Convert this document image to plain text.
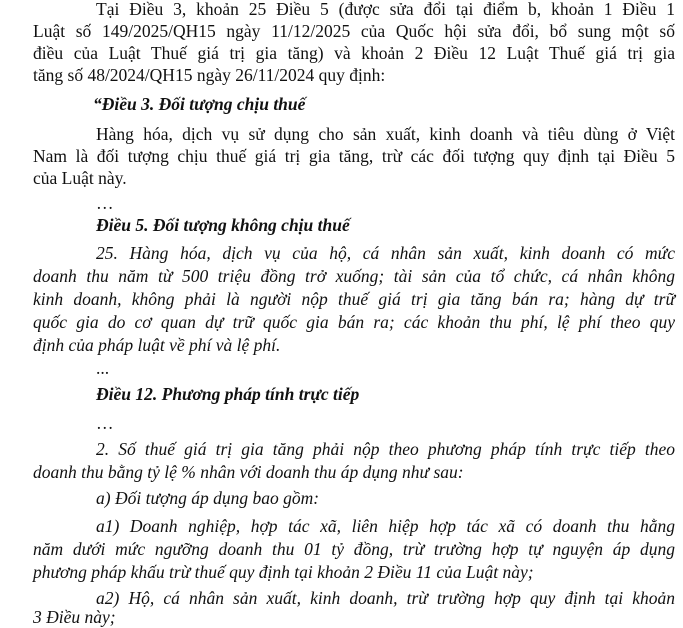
Tại Điều 3, khoản 25 Điều 5 (được sửa đổi tại điểm b, khoản 1 Điều 1
Luật số 149/2025/QH15 ngày 11/12/2025 của Quốc hội sửa đổi, bổ sung một số
điều của Luật Thuế giá trị gia tăng) và khoản 2 Điều 12 Luật Thuế giá trị gia
tăng số 48/2024/QH15 ngày 26/11/2024 quy định:
“Điều 3. Đối tượng chịu thuế
Hàng hóa, dịch vụ sử dụng cho sản xuất, kinh doanh và tiêu dùng ở Việt
Nam là đối tượng chịu thuế giá trị gia tăng, trừ các đối tượng quy định tại Điều 5
của Luật này.
…
Điều 5. Đối tượng không chịu thuế
25. Hàng hóa, dịch vụ của hộ, cá nhân sản xuất, kinh doanh có mức
doanh thu năm từ 500 triệu đồng trở xuống; tài sản của tổ chức, cá nhân không
kinh doanh, không phải là người nộp thuế giá trị gia tăng bán ra; hàng dự trữ
quốc gia do cơ quan dự trữ quốc gia bán ra; các khoản thu phí, lệ phí theo quy
định của pháp luật về phí và lệ phí.
...
Điều 12. Phương pháp tính trực tiếp
…
2. Số thuế giá trị gia tăng phải nộp theo phương pháp tính trực tiếp theo
doanh thu bằng tỷ lệ % nhân với doanh thu áp dụng như sau:
a) Đối tượng áp dụng bao gồm:
a1) Doanh nghiệp, hợp tác xã, liên hiệp hợp tác xã có doanh thu hằng
năm dưới mức ngưỡng doanh thu 01 tỷ đồng, trừ trường hợp tự nguyện áp dụng
phương pháp khấu trừ thuế quy định tại khoản 2 Điều 11 của Luật này;
a2) Hộ, cá nhân sản xuất, kinh doanh, trừ trường hợp quy định tại khoản
3 Điều này;
